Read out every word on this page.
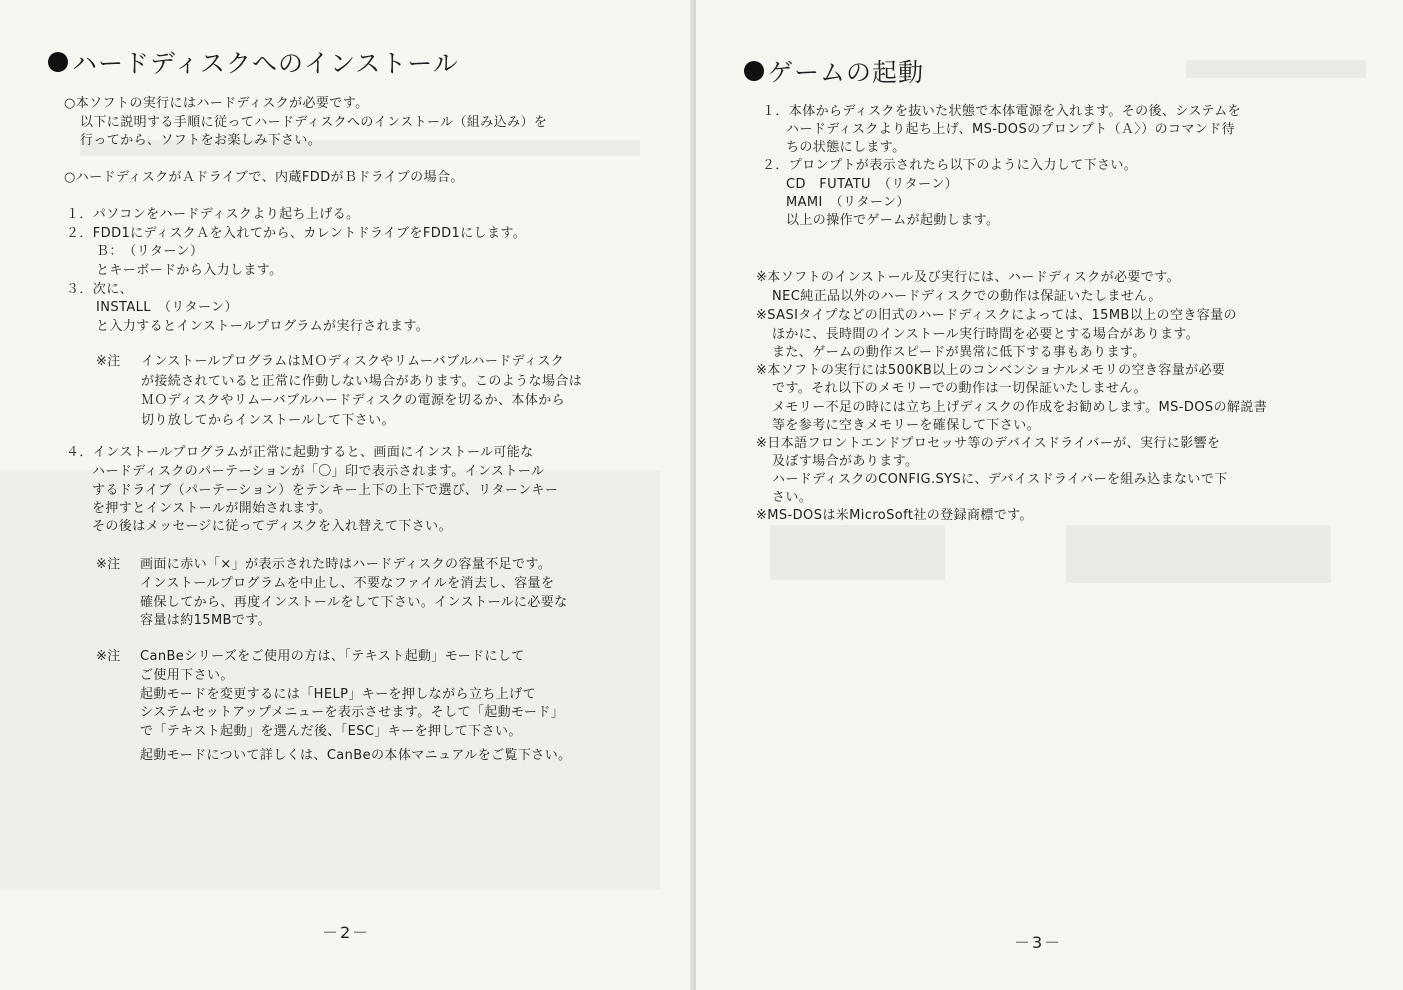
ハードディスクへのインストール
○本ソフトの実行にはハードディスクが必要です。
以下に説明する手順に従ってハードディスクへのインストール（組み込み）を
行ってから、ソフトをお楽しみ下さい。
○ハードディスクがＡドライブで、内蔵FDDがＢドライブの場合。
１．パソコンをハードディスクより起ち上げる。
２．FDD1にディスクＡを入れてから、カレントドライブをFDD1にします。
Ｂ：　（リターン）
とキーボードから入力します。
３．次に、
INSTALL　（リターン）
と入力するとインストールプログラムが実行されます。
※注 インストールプログラムはＭＯディスクやリムーバブルハードディスク
が接続されていると正常に作動しない場合があります。このような場合は
ＭＯディスクやリムーバブルハードディスクの電源を切るか、本体から
切り放してからインストールして下さい。
４．インストールプログラムが正常に起動すると、画面にインストール可能な
ハードディスクのパーテーションが「〇」印で表示されます。インストール
するドライブ（パーテーション）をテンキー上下の上下で選び、リターンキー
を押すとインストールが開始されます。
その後はメッセージに従ってディスクを入れ替えて下さい。
※注 画面に赤い「×」が表示された時はハードディスクの容量不足です。
インストールプログラムを中止し、不要なファイルを消去し、容量を
確保してから、再度インストールをして下さい。インストールに必要な
容量は約15MBです。
※注 CanBeシリーズをご使用の方は、「テキスト起動」モードにして
ご使用下さい。
起動モードを変更するには「HELP」キーを押しながら立ち上げて
システムセットアップメニューを表示させます。そして「起動モード」
で「テキスト起動」を選んだ後、「ESC」キーを押して下さい。
起動モードについて詳しくは、CanBeの本体マニュアルをご覧下さい。
－2－
ゲームの起動
１．本体からディスクを抜いた状態で本体電源を入れます。その後、システムを
ハードディスクより起ち上げ、MS-DOSのプロンプト（Ａ〉）のコマンド待
ちの状態にします。
２．プロンプトが表示されたら以下のように入力して下さい。
CD　FUTATU　（リターン）
MAMI　（リターン）
以上の操作でゲームが起動します。
※本ソフトのインストール及び実行には、ハードディスクが必要です。
NEC純正品以外のハードディスクでの動作は保証いたしません。
※SASIタイプなどの旧式のハードディスクによっては、15MB以上の空き容量の
ほかに、長時間のインストール実行時間を必要とする場合があります。
また、ゲームの動作スピードが異常に低下する事もあります。
※本ソフトの実行には500KB以上のコンベンショナルメモリの空き容量が必要
です。それ以下のメモリーでの動作は一切保証いたしません。
メモリー不足の時には立ち上げディスクの作成をお勧めします。MS-DOSの解説書
等を参考に空きメモリーを確保して下さい。
※日本語フロントエンドプロセッサ等のデバイスドライバーが、実行に影響を
及ぼす場合があります。
ハードディスクのCONFIG.SYSに、デバイスドライバーを組み込まないで下
さい。
※MS-DOSは米MicroSoft社の登録商標です。
－3－
